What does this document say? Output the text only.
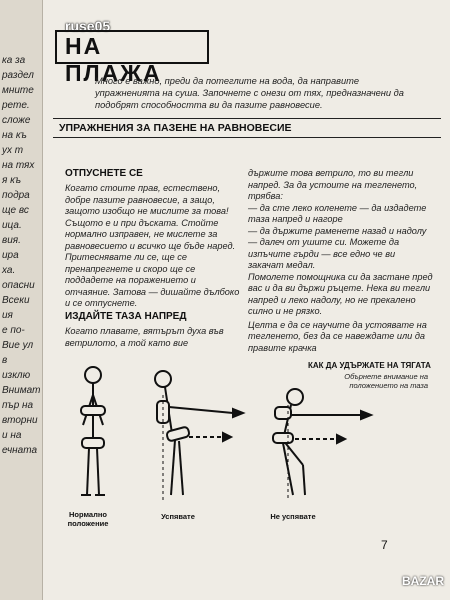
ка за
раздел
мните
рете.
сложе
на къ
ух т
на тях
я къ
подра
ще вс
ица.
вия.
ира
ха.
опасни
Всеки
ия
е по-
Вие ул
в
изклю
Внимат
пър на
вторни
и на
ечната
ruse05
НА ПЛАЖА
Много е важно, преди да потеглите на вода, да направите упражненията на суша. Започнете с онези от тях, предназначени да подобрят способността ви да пазите равновесие.
УПРАЖНЕНИЯ ЗА ПАЗЕНЕ НА РАВНОВЕСИЕ
ОТПУСНЕТЕ СЕ
Когато стоите прав, естествено, добре пазите равновесие, а защо, защото изобщо не мислите за това! Същото е и при дъската. Стойте нормално изправен, не мислете за равновесието и всичко ще бъде наред. Притеснявате ли се, ще се пренапрегнете и скоро ще се поддадете на поражението и отчаяние. Затова — дишайте дълбоко и се отпуснете.
ИЗДАЙТЕ ТАЗА НАПРЕД
Когато плавате, вятърът духа във ветрилото, а той като вие

държите това ветрило, то ви тегли напред. За да устоите на тегленето, трябва:

— да сте леко коленете — да издадете таза напред и нагоре

— да държите раменете назад и надолу — далеч от ушите си. Можете да изпъчите гърди — все едно че ви закачат медал.

Помолете помощника си да застане пред вас и да ви държи ръцете. Нека ви тегли напред и леко надолу, но не прекалено силно и не рязко.

Целта е да се научите да устоявате на тегленето, без да се навеждате или да правите крачка

КАК ДА УДЪРЖАТЕ НА ТЯГАТА
Обърнете внимание на положението на таза
Нормално положение
Успявате	Не успявате
7
BAZAR
